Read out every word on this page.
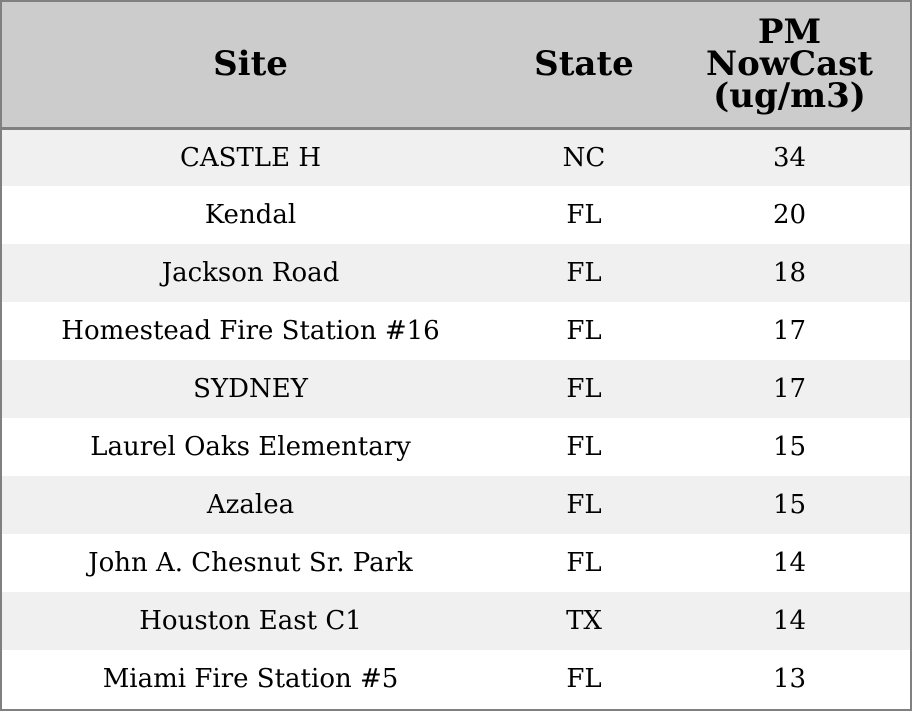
Site	State	PM
NowCast
(ug/m3)

CASTLE H	NC	34
Kendal	FL	20
Jackson Road	FL	18
Homestead Fire Station #16	FL	17
SYDNEY	FL	17
Laurel Oaks Elementary	FL	15
Azalea	FL	15
John A. Chesnut Sr. Park	FL	14
Houston East C1	TX	14
Miami Fire Station #5	FL	13
